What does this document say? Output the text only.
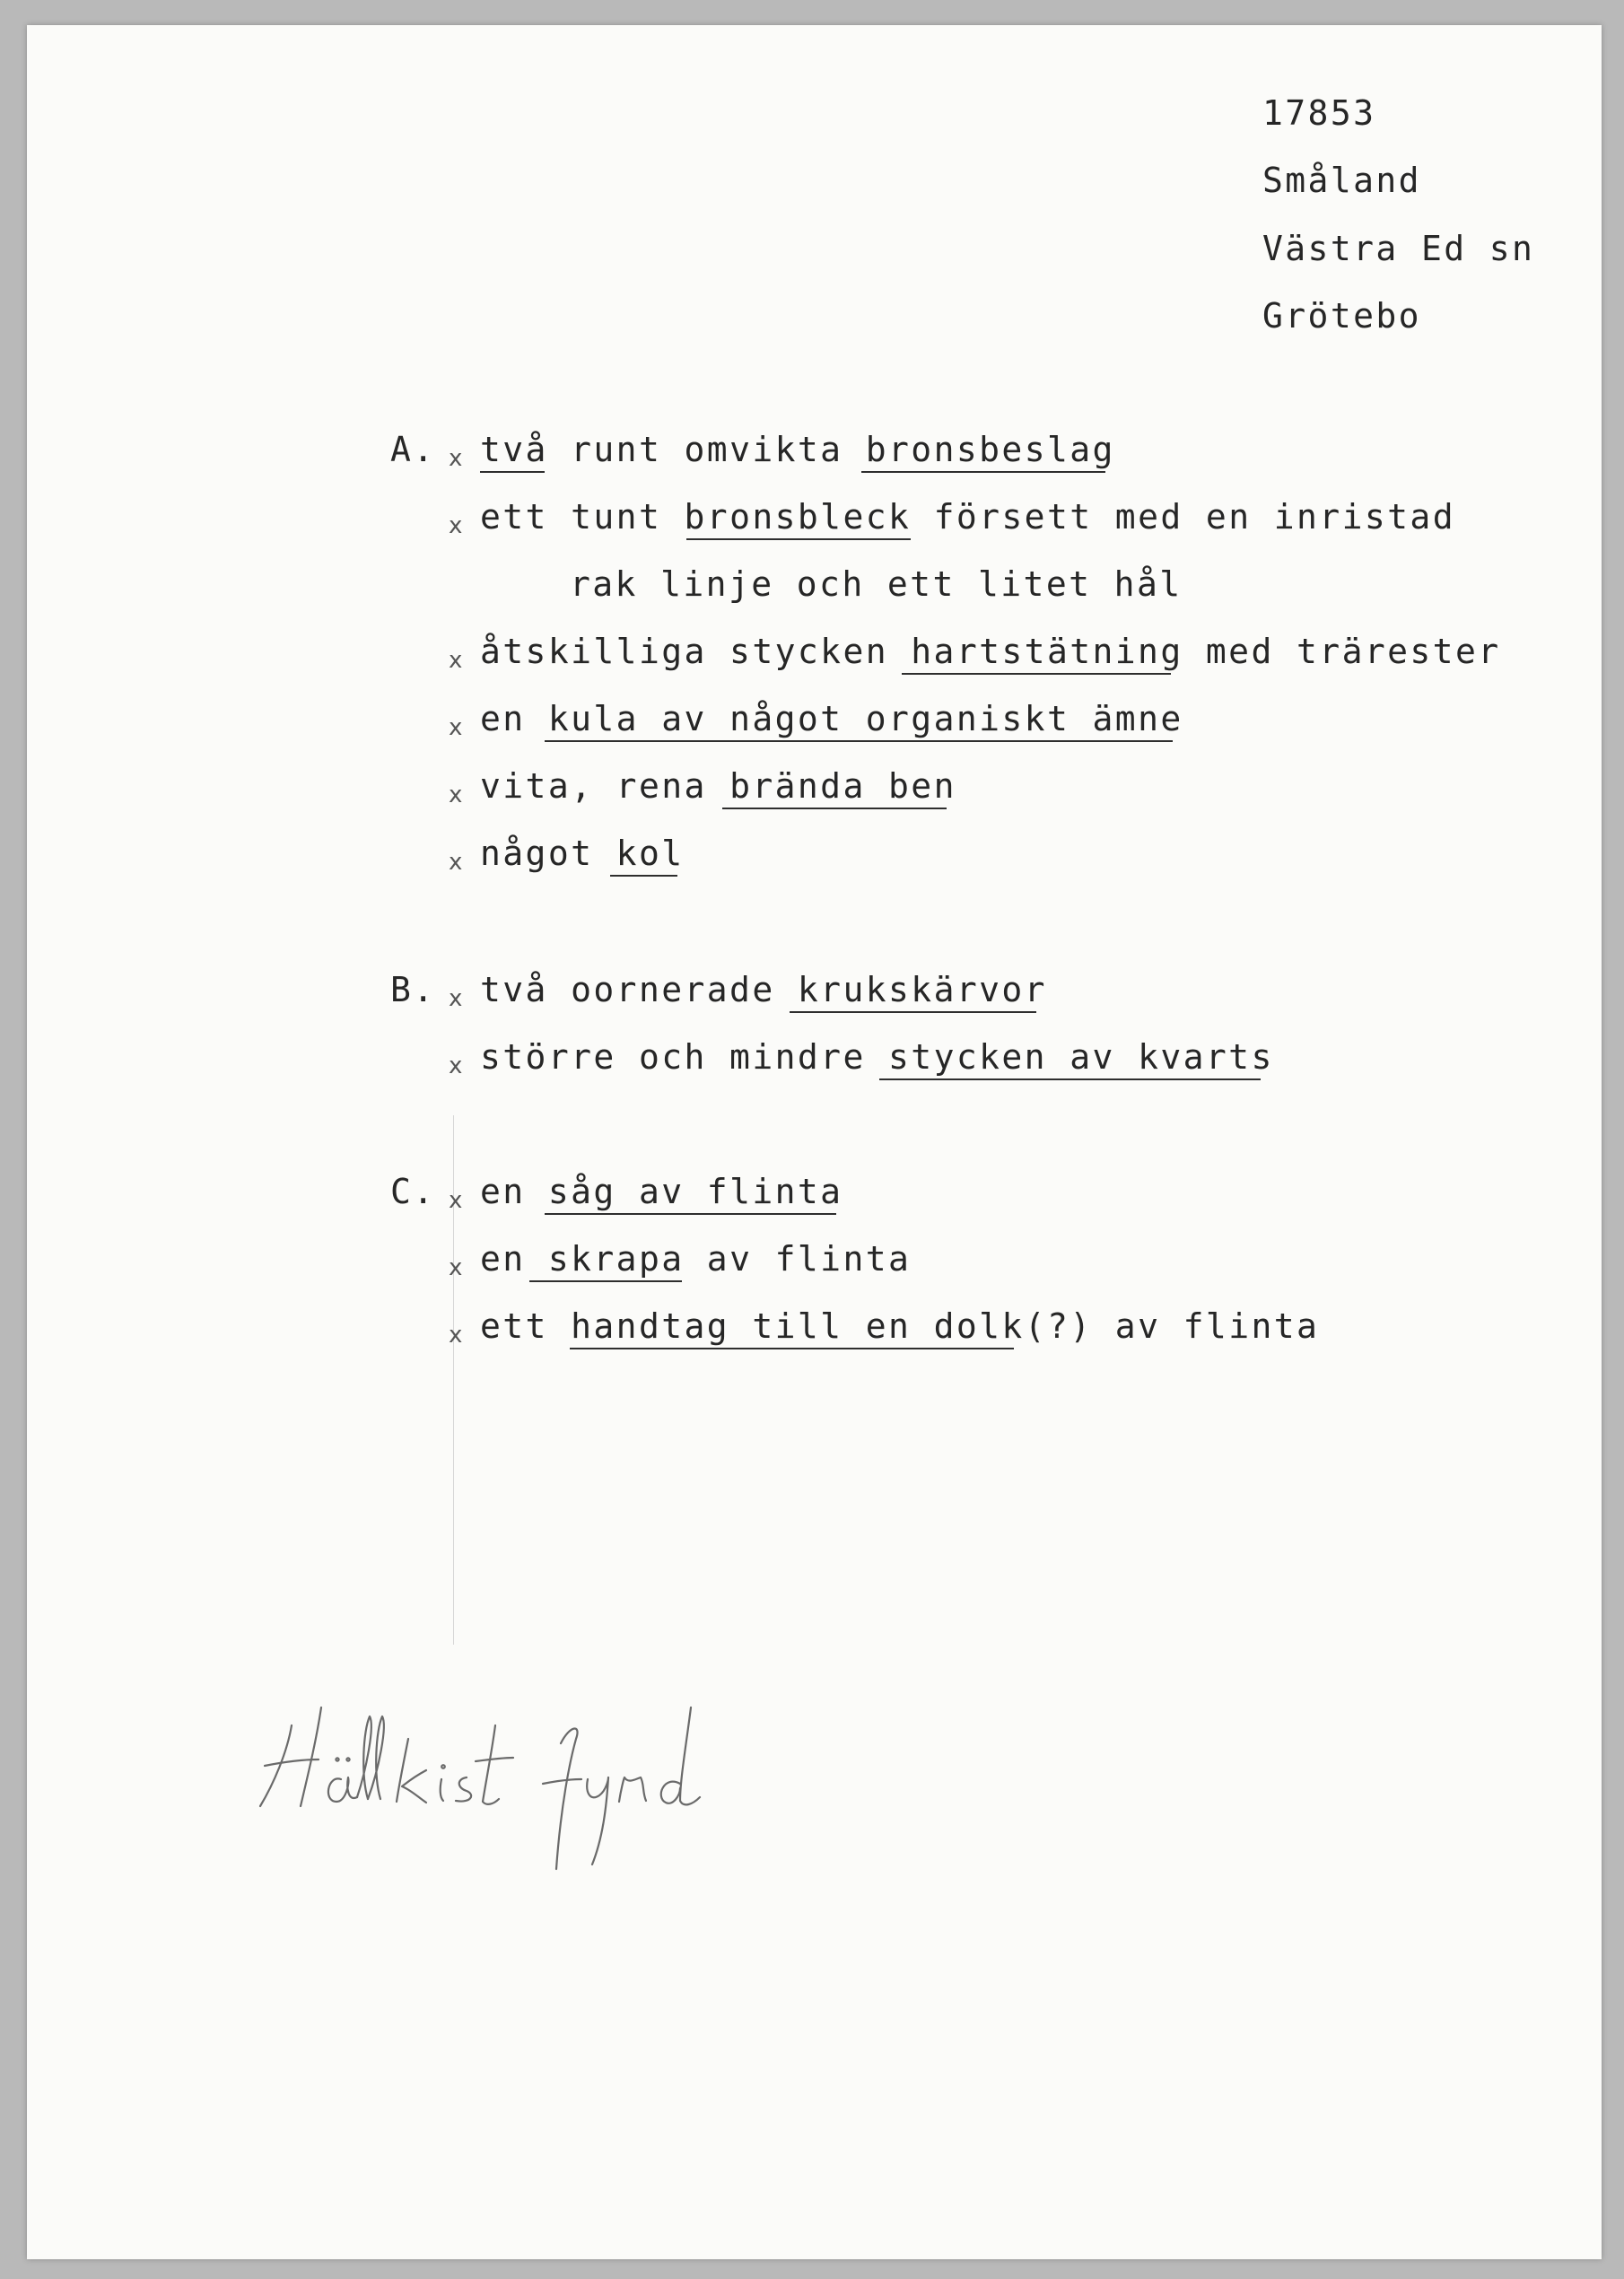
17853
Småland
Västra Ed sn
Grötebo
A. x två runt omvikta bronsbeslag
x ett tunt bronsbleck försett med en inristad
rak linje och ett litet hål
x åtskilliga stycken hartstätning med trärester
x en kula av något organiskt ämne
x vita, rena brända ben
x något kol
B. x två oornerade krukskärvor
x större och mindre stycken av kvarts
C. x en såg av flinta
x en skrapa av flinta
x ett handtag till en dolk(?) av flinta
